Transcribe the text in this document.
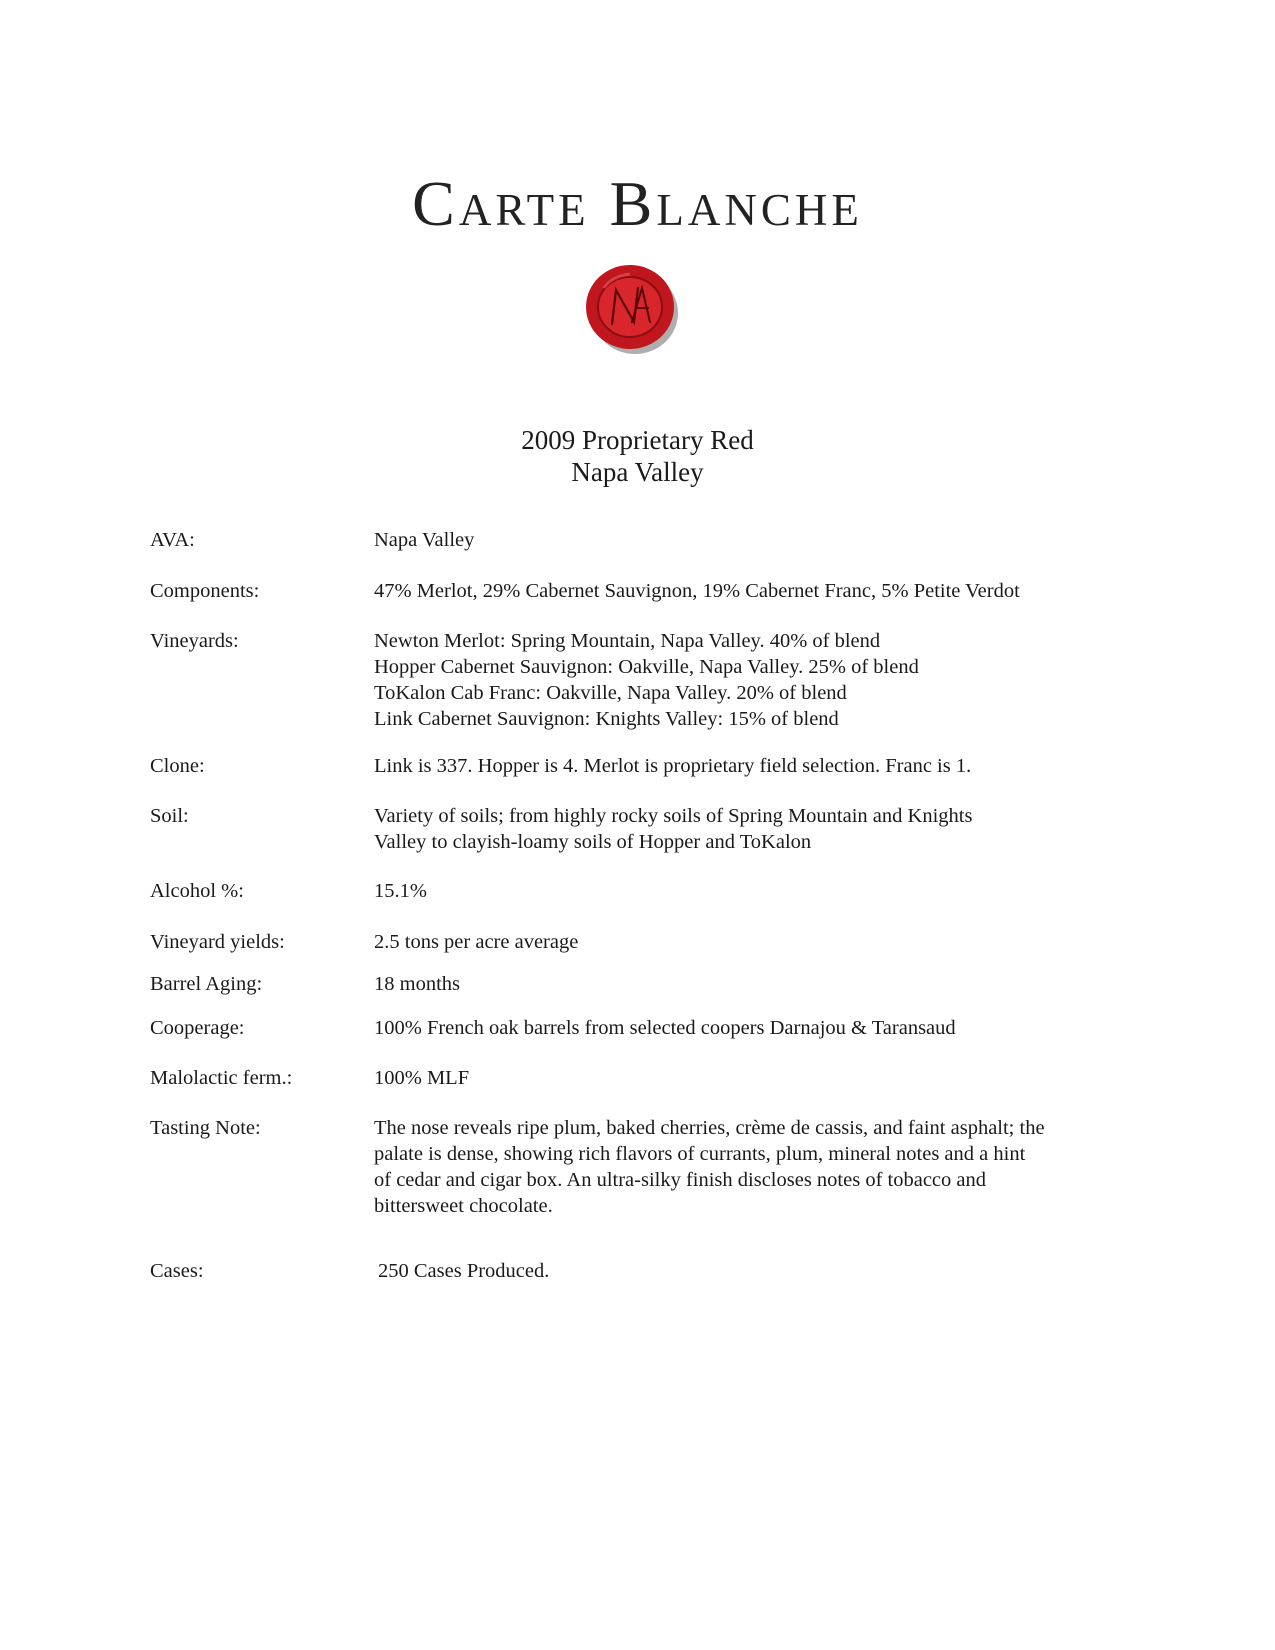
Carte Blanche
2009 Proprietary Red
Napa Valley
AVA:	Napa Valley
Components:	47% Merlot, 29% Cabernet Sauvignon, 19% Cabernet Franc, 5% Petite Verdot
Vineyards:	Newton Merlot: Spring Mountain, Napa Valley. 40% of blend
Hopper Cabernet Sauvignon: Oakville, Napa Valley. 25% of blend
ToKalon Cab Franc: Oakville, Napa Valley. 20% of blend
Link Cabernet Sauvignon: Knights Valley: 15% of blend
Clone:	Link is 337. Hopper is 4. Merlot is proprietary field selection. Franc is 1.
Soil:	Variety of soils; from highly rocky soils of Spring Mountain and Knights
Valley to clayish-loamy soils of Hopper and ToKalon
Alcohol %:	15.1%
Vineyard yields:	2.5 tons per acre average
Barrel Aging:	18 months
Cooperage:	100% French oak barrels from selected coopers Darnajou & Taransaud
Malolactic ferm.:	100% MLF
Tasting Note:	The nose reveals ripe plum, baked cherries, crème de cassis, and faint asphalt; the
palate is dense, showing rich flavors of currants, plum, mineral notes and a hint
of cedar and cigar box. An ultra-silky finish discloses notes of tobacco and
bittersweet chocolate.
Cases:	250 Cases Produced.
